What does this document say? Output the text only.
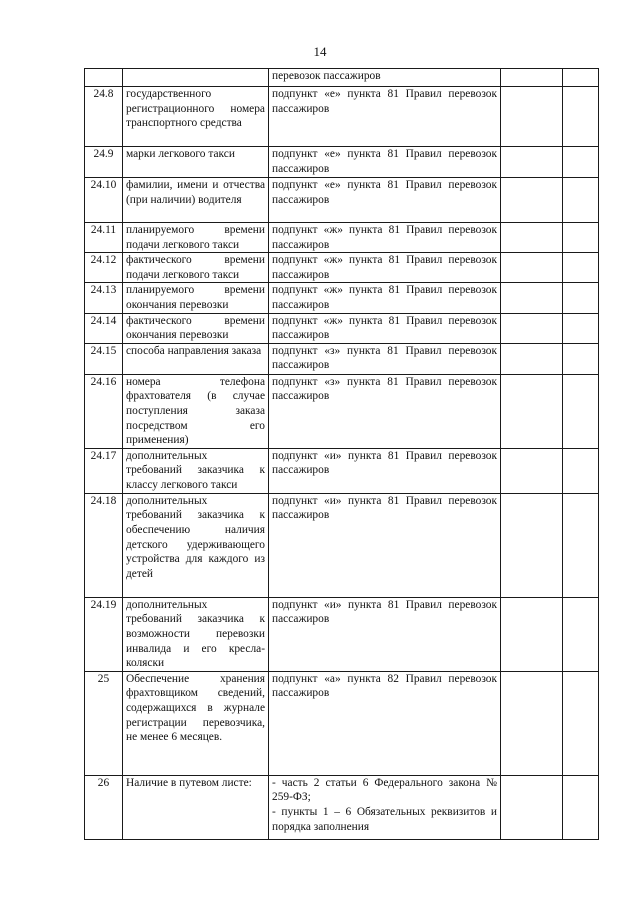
14
		перевозок пассажиров		
24.8	государственного регистрационного номера транспортного средства	подпункт «е» пункта 81 Правил перевозок пассажиров		
24.9	марки легкового такси	подпункт «е» пункта 81 Правил перевозок пассажиров		
24.10	фамилии, имени и отчества (при наличии) водителя	подпункт «е» пункта 81 Правил перевозок пассажиров		
24.11	планируемого времени подачи легкового такси	подпункт «ж» пункта 81 Правил перевозок пассажиров		
24.12	фактического времени подачи легкового такси	подпункт «ж» пункта 81 Правил перевозок пассажиров		
24.13	планируемого времени окончания перевозки	подпункт «ж» пункта 81 Правил перевозок пассажиров		
24.14	фактического времени окончания перевозки	подпункт «ж» пункта 81 Правил перевозок пассажиров		
24.15	способа направления заказа	подпункт «з» пункта 81 Правил перевозок пассажиров		
24.16	номера телефона фрахтователя (в случае поступления заказа посредством его применения)	подпункт «з» пункта 81 Правил перевозок пассажиров		
24.17	дополнительных требований заказчика к классу легкового такси	подпункт «и» пункта 81 Правил перевозок пассажиров		
24.18	дополнительных требований заказчика к обеспечению наличия детского удерживающего устройства для каждого из детей	подпункт «и» пункта 81 Правил перевозок пассажиров		
24.19	дополнительных требований заказчика к возможности перевозки инвалида и его кресла-коляски	подпункт «и» пункта 81 Правил перевозок пассажиров		
25	Обеспечение хранения фрахтовщиком сведений, содержащихся в журнале регистрации перевозчика, не менее 6 месяцев.	подпункт «а» пункта 82 Правил перевозок пассажиров		
26	Наличие в путевом листе:	- часть 2 статьи 6 Федерального закона № 259-ФЗ;
- пункты 1 – 6 Обязательных реквизитов и порядка заполнения		
